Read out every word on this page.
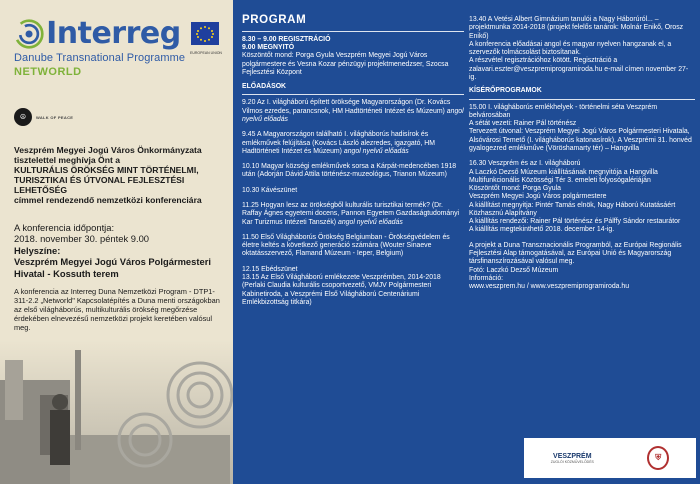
Interreg
EUROPEAN UNION
Danube Transnational Programme
NETWORLD
☮	WALK OF PEACE
Veszprém Megyei Jogú Város Önkormányzata
tisztelettel meghívja Önt a
KULTURÁLIS ÖRÖKSÉG MINT TÖRTÉNELMI,
TURISZTIKAI ÉS ÚTVONAL FEJLESZTÉSI
LEHETŐSÉG
címmel rendezendő nemzetközi konferenciára
A konferencia időpontja:
2018. november 30. péntek 9.00
Helyszíne:
Veszprém Megyei Jogú Város Polgármesteri
Hivatal - Kossuth terem
A konferencia az Interreg Duna Nemzetközi Program - DTP1-311-2.2 „Networld" Kapcsolatépítés a Duna menti országokban az első világháborús, multikulturális örökség megőrzése érdekében elnevezésű nemzetközi projekt keretében valósul meg.
PROGRAM
8.30 – 9.00 REGISZTRÁCIÓ
9.00 MEGNYITÓ

Köszöntőt mond: Porga Gyula Veszprém Megyei Jogú Város polgármestere és Vesna Kozar pénzügyi projektmenedzser, Szocsa Fejlesztési Központ

ELŐADÁSOK

9.20 Az I. világháború épített öröksége Magyarországon (Dr. Kovács Vilmos ezredes, parancsnok, HM Hadtörténeti Intézet és Múzeum) angol nyelvű előadás

9.45 A Magyarországon található I. világháborús hadisírok és emlékművek felújítása (Kovács László alezredes, igazgató, HM Hadtörténeti Intézet és Múzeum) angol nyelvű előadás

10.10 Magyar községi emlékművek sorsa a Kárpát-medencében 1918 után (Adorján Dávid Attila történész-muzeológus, Trianon Múzeum)

10.30 Kávészünet

11.25 Hogyan lesz az örökségből kulturális turisztikai termék? (Dr. Raffay Ágnes egyetemi docens, Pannon Egyetem Gazdaságtudományi Kar Turizmus Intézeti Tanszék) angol nyelvű előadás

11.50 Első Világháborús Örökség Belgiumban - Örökségvédelem és életre keltés a következő generáció számára (Wouter Sinaeve oktatásszervező, Flamand Múzeum - Ieper, Belgium)

12.15 Ebédszünet
13.15 Az Első Világháború emlékezete Veszprémben, 2014-2018 (Perlaki Claudia kulturális csoportvezető, VMJV Polgármesteri Kabinetiroda, a Veszprémi Első Világháború Centenáriumi Emlékbizottság titkára)

13.40 A Vetési Albert Gimnázium tanulói a Nagy Háborúról... – projektmunka 2014-2018 (projekt felelős tanárok: Molnár Enikő, Orosz Enikő)
A konferencia előadásai angol és magyar nyelven hangzanak el, a szervezők tolmácsolást biztosítanak.
A részvétel regisztrációhoz kötött. Regisztráció a zalavari.eszter@veszpremiprogramiroda.hu e-mail címen november 27-ig.

KÍSÉRŐPROGRAMOK

15.00 I. világháborús emlékhelyek - történelmi séta Veszprém belvárosában
A sétát vezeti: Rainer Pál történész
Tervezett útvonal: Veszprém Megyei Jogú Város Polgármesteri Hivatala, Alsóvárosi Temető (I. világháborús katonasírok), A Veszprémi 31. honvéd gyalogezred emlékműve (Vöröshamarty tér) – Hangvilla

16.30 Veszprém és az I. világháború
A Laczkó Dezső Múzeum kiállításának megnyitója a Hangvilla Multifunkcionális Közösségi Tér 3. emeleti folyosógalériáján
Köszöntőt mond: Porga Gyula
Veszprém Megyei Jogú Város polgármestere
A kiállítást megnyitja: Pintér Tamás elnök, Nagy Háború Kutatásáért Közhasznú Alapítvány
A kiállítás rendezői: Rainer Pál történész és Pálffy Sándor restaurátor
A kiállítás megtekinthető 2018. december 14-ig.

A projekt a Duna Transznacionális Programból, az Európai Regionális Fejlesztési Alap támogatásával, az Európai Unió és Magyarország társfinanszírozásával valósul meg.
Fotó: Laczkó Dezső Múzeum
Információ:
www.veszprem.hu / www.veszpremiprogramiroda.hu

VESZPRÉM
ZUGLÓI KÖZMŰVELŐDÉS	⛨
